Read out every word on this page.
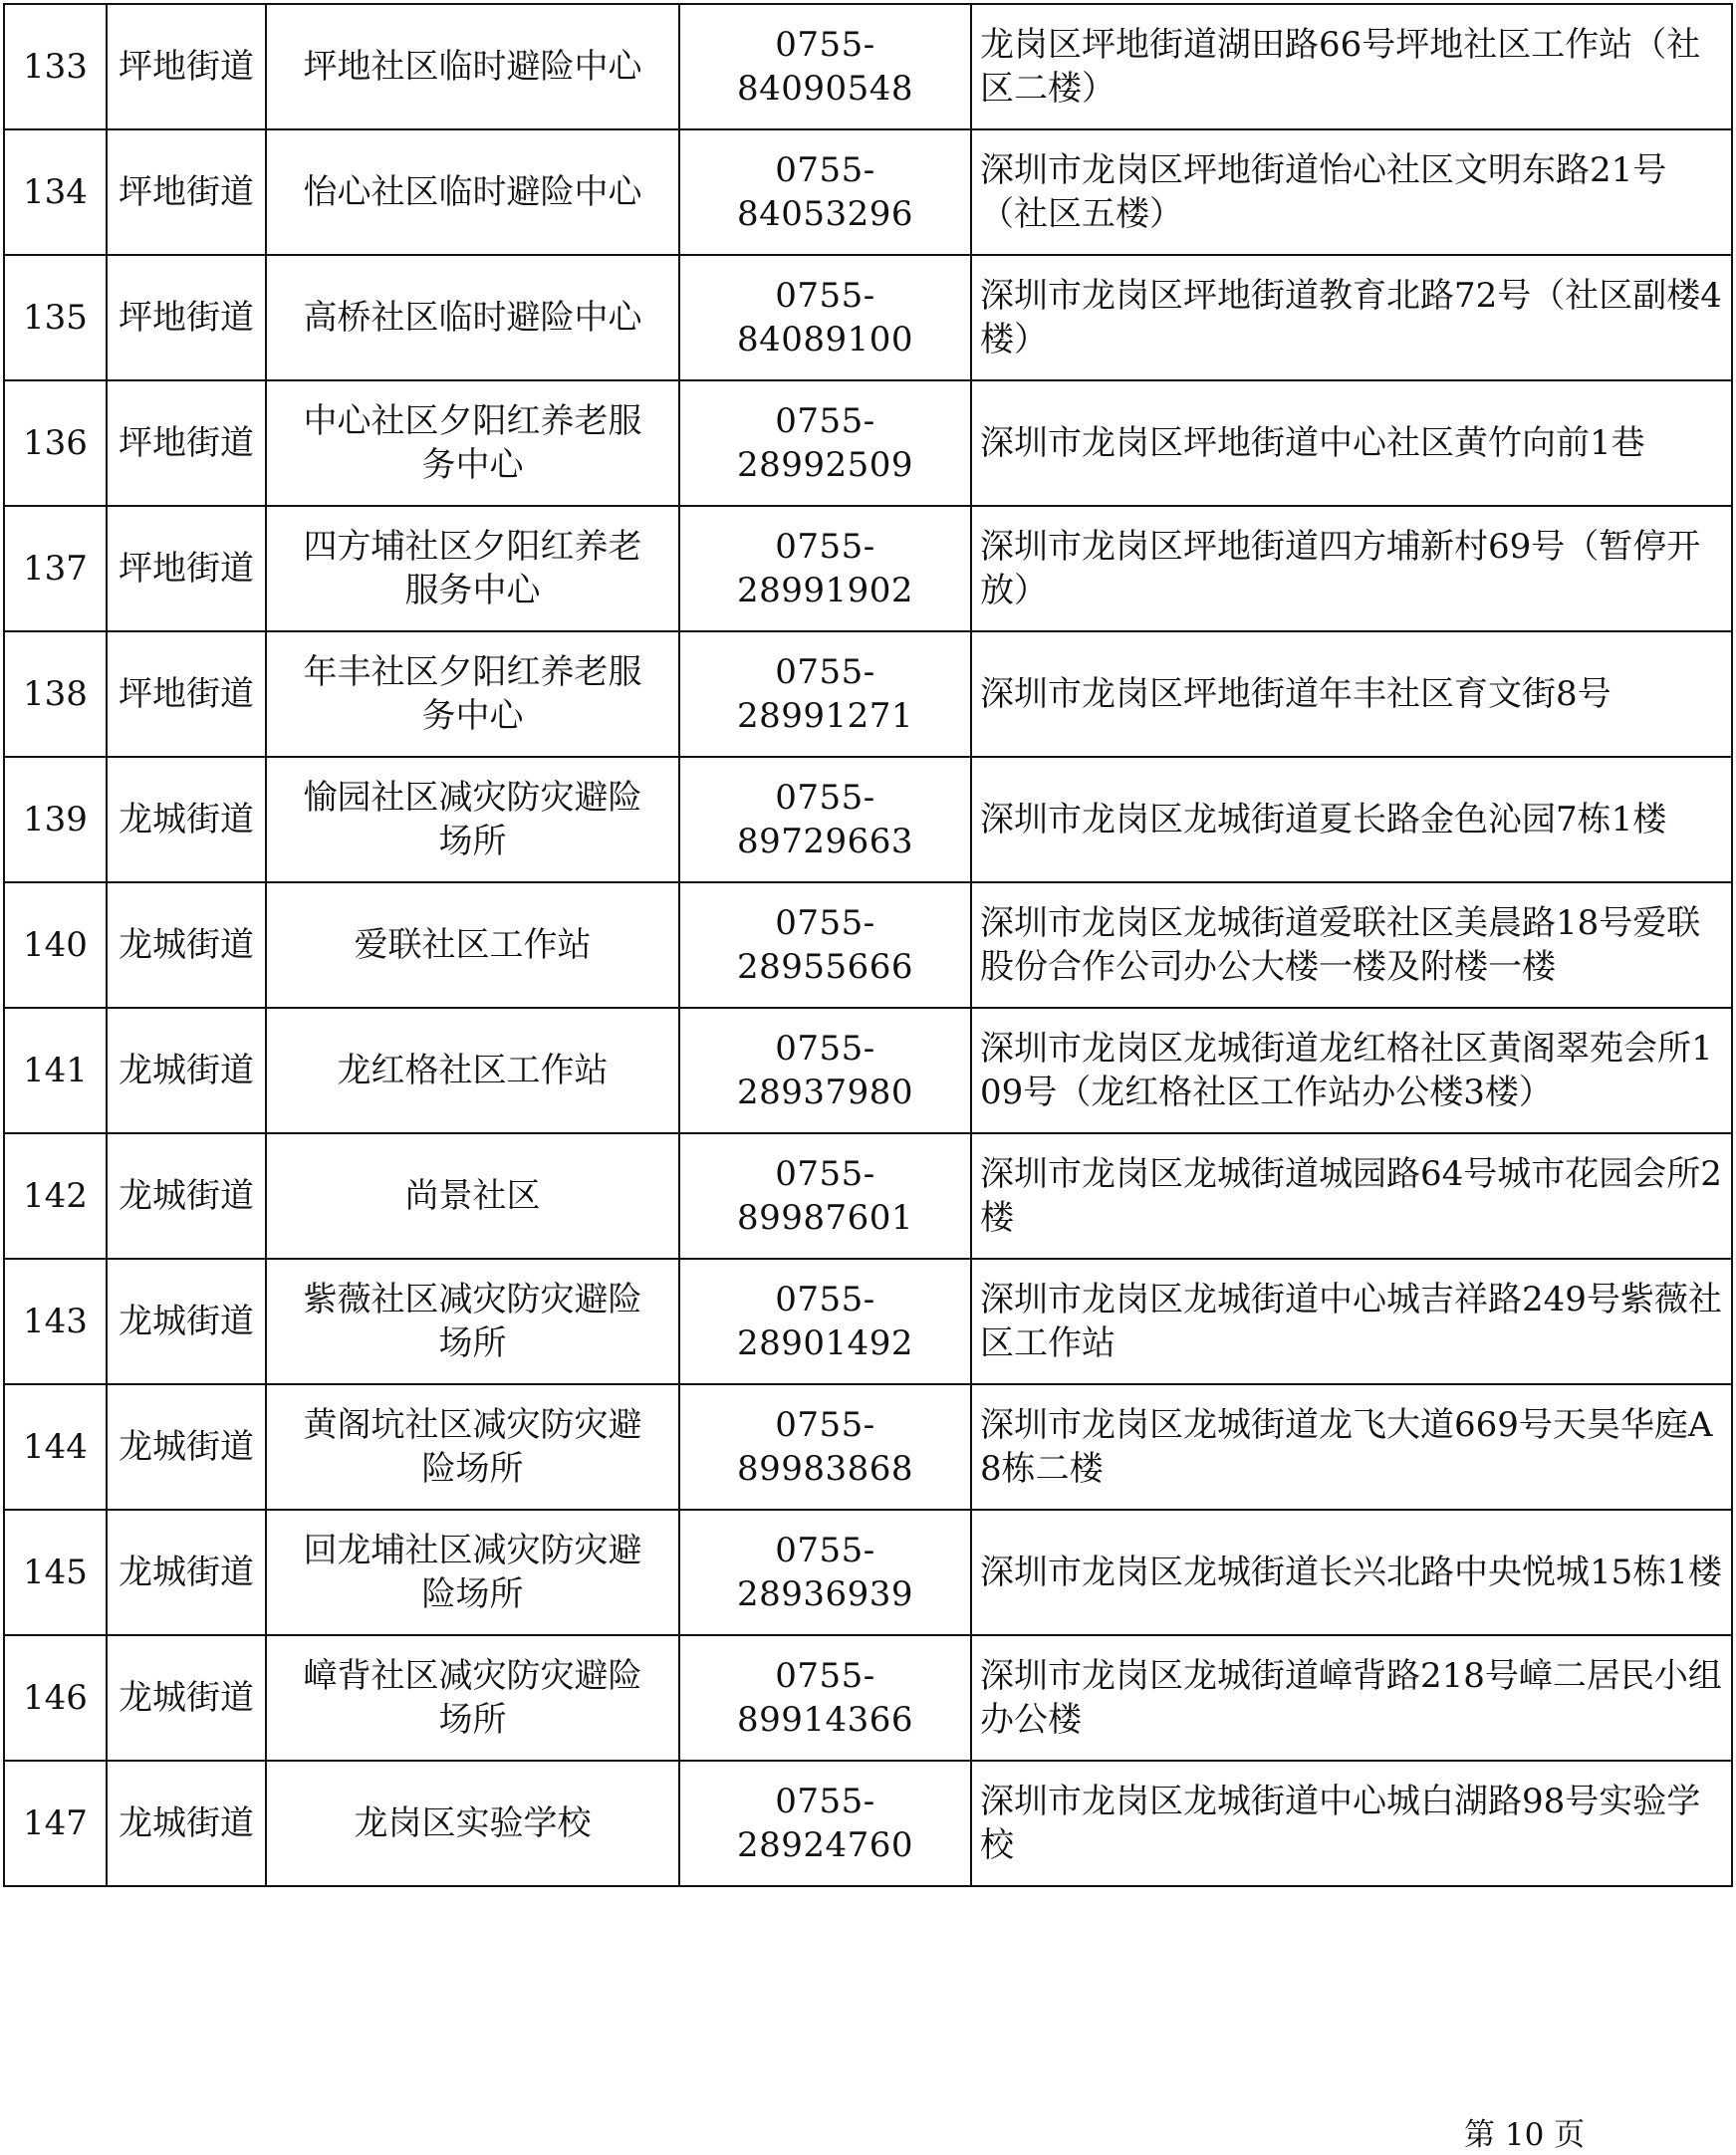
133	坪地街道	坪地社区临时避险中心	0755-84090548	龙岗区坪地街道湖田路66号坪地社区工作站（社区二楼）

134	坪地街道	怡心社区临时避险中心	0755-84053296	深圳市龙岗区坪地街道怡心社区文明东路21号（社区五楼）

135	坪地街道	高桥社区临时避险中心	0755-84089100	深圳市龙岗区坪地街道教育北路72号（社区副楼4楼）

136	坪地街道	中心社区夕阳红养老服务中心	0755-28992509	深圳市龙岗区坪地街道中心社区黄竹向前1巷

137	坪地街道	四方埔社区夕阳红养老服务中心	0755-28991902	深圳市龙岗区坪地街道四方埔新村69号（暂停开放）

138	坪地街道	年丰社区夕阳红养老服务中心	0755-28991271	深圳市龙岗区坪地街道年丰社区育文街8号

139	龙城街道	愉园社区减灾防灾避险场所	0755-89729663	深圳市龙岗区龙城街道夏长路金色沁园7栋1楼

140	龙城街道	爱联社区工作站	0755-28955666	深圳市龙岗区龙城街道爱联社区美晨路18号爱联股份合作公司办公大楼一楼及附楼一楼

141	龙城街道	龙红格社区工作站	0755-28937980	深圳市龙岗区龙城街道龙红格社区黄阁翠苑会所109号（龙红格社区工作站办公楼3楼）

142	龙城街道	尚景社区	0755-89987601	深圳市龙岗区龙城街道城园路64号城市花园会所2楼

143	龙城街道	紫薇社区减灾防灾避险场所	0755-28901492	深圳市龙岗区龙城街道中心城吉祥路249号紫薇社区工作站

144	龙城街道	黄阁坑社区减灾防灾避险场所	0755-89983868	深圳市龙岗区龙城街道龙飞大道669号天昊华庭A8栋二楼

145	龙城街道	回龙埔社区减灾防灾避险场所	0755-28936939	深圳市龙岗区龙城街道长兴北路中央悦城15栋1楼

146	龙城街道	嶂背社区减灾防灾避险场所	0755-89914366	深圳市龙岗区龙城街道嶂背路218号嶂二居民小组办公楼

147	龙城街道	龙岗区实验学校	0755-28924760	深圳市龙岗区龙城街道中心城白湖路98号实验学校
第 10 页
